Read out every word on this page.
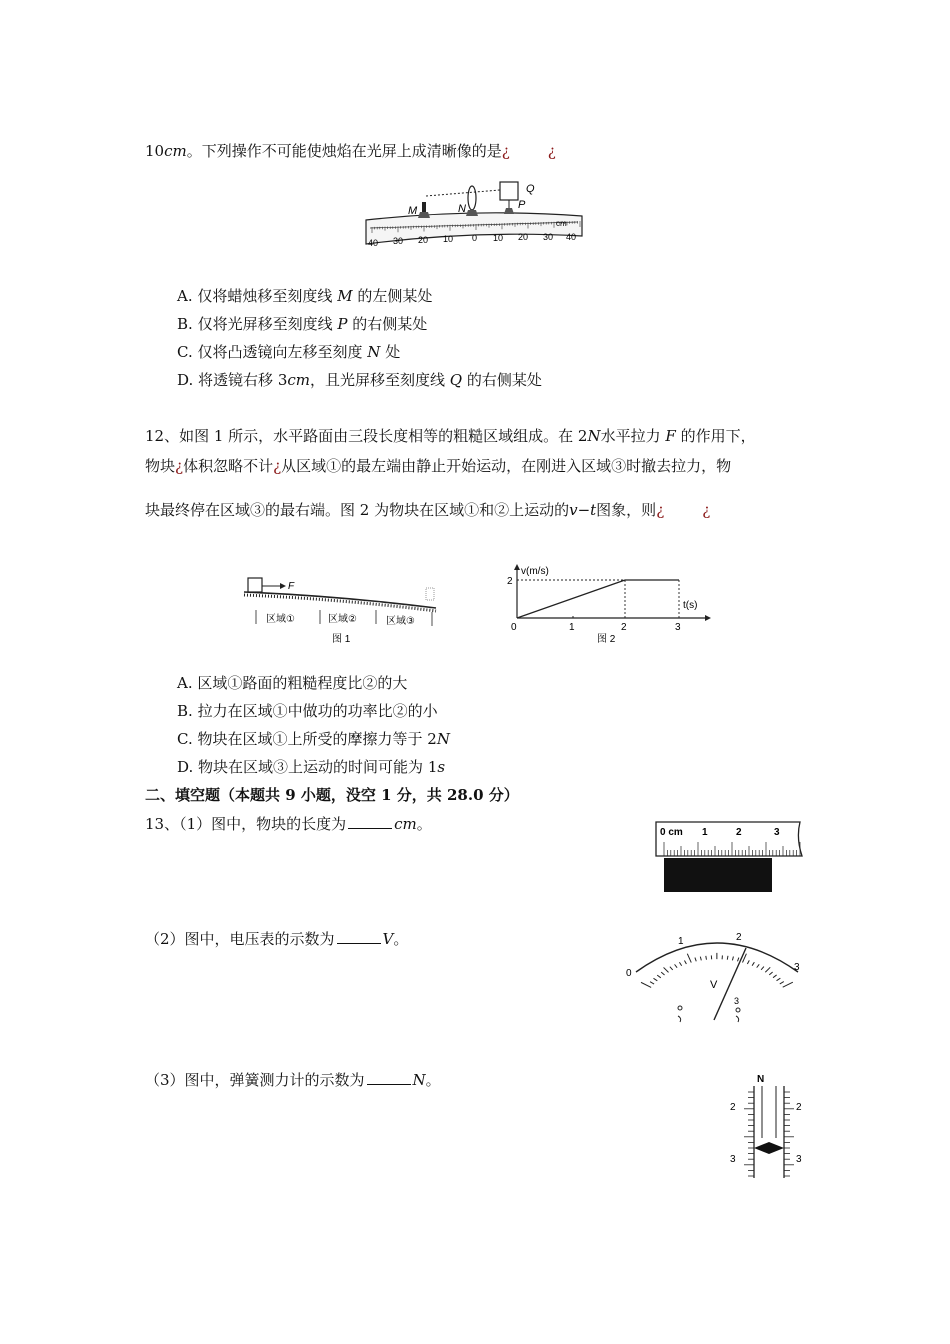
10cm。下列操作不可能使烛焰在光屏上成清晰像的是¿	¿
M	N
Q
P
cm
40 30 20 10 0 10 20 30 40
A. 仅将蜡烛移至刻度线 M 的左侧某处
B. 仅将光屏移至刻度线 P 的右侧某处
C. 仅将凸透镜向左移至刻度 N 处
D. 将透镜右移 3cm，且光屏移至刻度线 Q 的右侧某处
12、如图 1 所示，水平路面由三段长度相等的粗糙区域组成。在 2N水平拉力 F 的作用下，
物块¿体积忽略不计¿从区域①的最左端由静止开始运动，在刚进入区域③时撤去拉力，物
块最终停在区域③的最右端。图 2 为物块在区域①和②上运动的v−t图象，则¿	¿
F
区域①	区域②	区域③
图 1
v(m/s)
t(s)
2
0	1	2	3
图 2
A. 区域①路面的粗糙程度比②的大
B. 拉力在区域①中做功的功率比②的小
C. 物块在区域①上所受的摩擦力等于 2N
D. 物块在区域③上运动的时间可能为 1s
二、填空题（本题共 9 小题，没空 1 分，共 28.0 分）
13、（1）图中，物块的长度为	cm。	0 cm 1	2	3
（2）图中，电压表的示数为	V。
0
1	2
3
V
3
（3）图中，弹簧测力计的示数为	N。	N
2	2
3	3
